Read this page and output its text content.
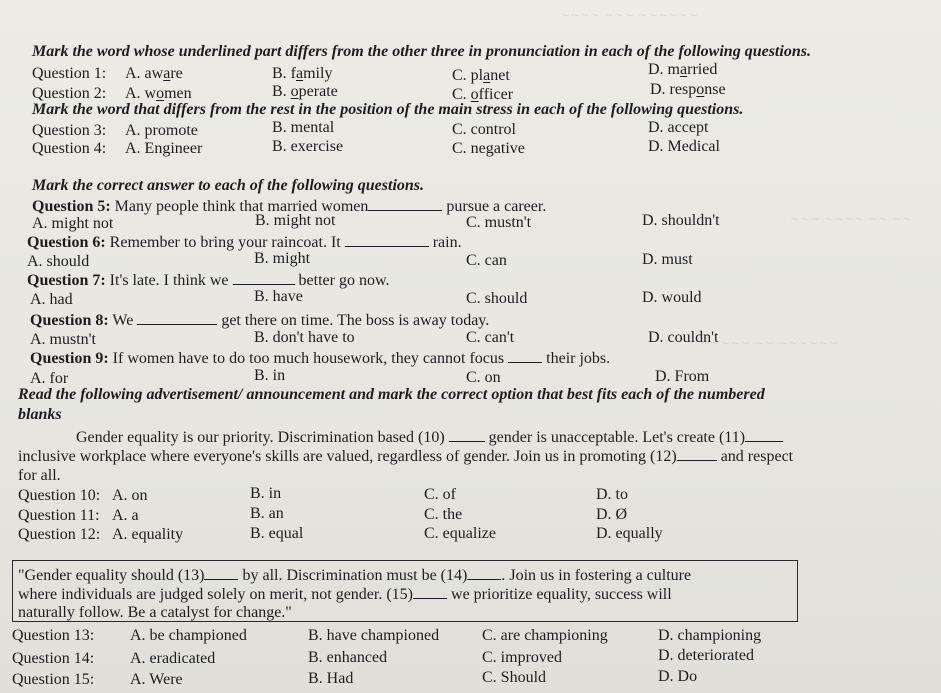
~~~~ ~~~ ~~~~~~
~~~ ~~~~ ~~ ~~
~~~~~ ~~ ~~~~~~
Mark the word whose underlined part differs from the other three in pronunciation in each of the following questions.
Question 1: A. aware	B. family	C. planet	D. married
Question 2: A. women	B. operate	C. officer	D. response
Mark the word that differs from the rest in the position of the main stress in each of the following questions.
Question 3: A. promote	B. mental	C. control	D. accept
Question 4: A. Engineer	B. exercise	C. negative	D. Medical
Mark the correct answer to each of the following questions.
Question 5: Many people think that married women	pursue a career.
A. might not	B. might not	C. mustn't	D. shouldn't
Question 6: Remember to bring your raincoat. It	rain.
A. should	B. might	C. can	D. must
Question 7: It's late. I think we	better go now.
A. had	B. have	C. should	D. would
Question 8: We	get there on time. The boss is away today.
A. mustn't	B. don't have to	C. can't	D. couldn't
Question 9: If women have to do too much housework, they cannot focus	their jobs.
A. for	B. in	C. on	D. From
Read the following advertisement/ announcement and mark the correct option that best fits each of the numbered
blanks
Gender equality is our priority. Discrimination based (10)	gender is unacceptable. Let's create (11)
inclusive workplace where everyone's skills are valued, regardless of gender. Join us in promoting (12)	and respect
for all.
Question 10: A. on	B. in	C. of	D. to
Question 11: A. a	B. an	C. the	D. Ø
Question 12: A. equality	B. equal	C. equalize	D. equally
"Gender equality should (13) by all. Discrimination must be (14) . Join us in fostering a culture
where individuals are judged solely on merit, not gender. (15) we prioritize equality, success will
naturally follow. Be a catalyst for change."
Question 13: A. be championed	B. have championed	C. are championing	D. championing
Question 14: A. eradicated	B. enhanced	C. improved	D. deteriorated
Question 15: A. Were	B. Had	C. Should	D. Do
